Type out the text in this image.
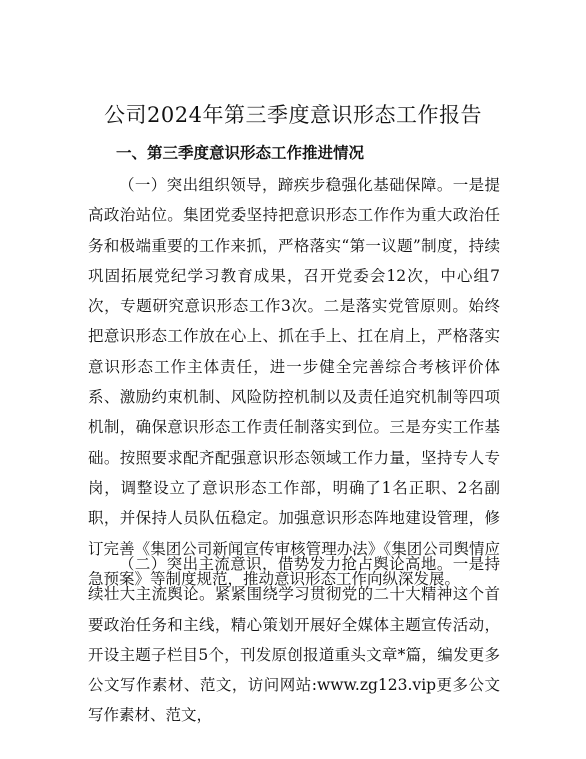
公司2024年第三季度意识形态工作报告
一、第三季度意识形态工作推进情况

（一）突出组织领导，蹄疾步稳强化基础保障。一是提高政治站位。集团党委坚持把意识形态工作作为重大政治任务和极端重要的工作来抓，严格落实“第一议题”制度，持续巩固拓展党纪学习教育成果，召开党委会12次，中心组7次，专题研究意识形态工作3次。二是落实党管原则。始终把意识形态工作放在心上、抓在手上、扛在肩上，严格落实意识形态工作主体责任，进一步健全完善综合考核评价体系、激励约束机制、风险防控机制以及责任追究机制等四项机制，确保意识形态工作责任制落实到位。三是夯实工作基础。按照要求配齐配强意识形态领域工作力量，坚持专人专岗，调整设立了意识形态工作部，明确了1名正职、2名副职，并保持人员队伍稳定。加强意识形态阵地建设管理，修订完善《集团公司新闻宣传审核管理办法》《集团公司舆情应急预案》等制度规范，推动意识形态工作向纵深发展。

（二）突出主流意识，借势发力抢占舆论高地。一是持续壮大主流舆论。紧紧围绕学习贯彻党的二十大精神这个首要政治任务和主线，精心策划开展好全媒体主题宣传活动，开设主题子栏目5个，刊发原创报道重头文章*篇，编发更多公文写作素材、范文，访问网站:www.zg123.vip更多公文写作素材、范文，
